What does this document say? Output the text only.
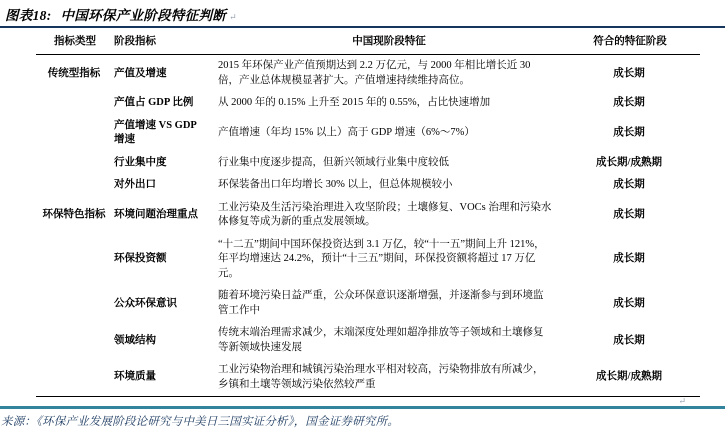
图表18: 中国环保产业阶段特征判断 ↵
指标类型	阶段指标	中国现阶段特征	符合的特征阶段
传统型指标	产值及增速	2015 年环保产业产值预期达到 2.2 万亿元，与 2000 年相比增长近 30 倍，产业总体规模显著扩大。产值增速持续维持高位。	成长期
	产值占 GDP 比例	从 2000 年的 0.15% 上升至 2015 年的 0.55%，占比快速增加	成长期
	产值增速 VS GDP 增速	产值增速（年均 15% 以上）高于 GDP 增速（6%～7%）	成长期
	行业集中度	行业集中度逐步提高，但新兴领域行业集中度较低	成长期/成熟期
	对外出口	环保装备出口年均增长 30% 以上，但总体规模较小	成长期
环保特色指标	环境问题治理重点	工业污染及生活污染治理进入攻坚阶段；土壤修复、VOCs 治理和污染水体修复等成为新的重点发展领域。	成长期
	环保投资额	“十二五”期间中国环保投资达到 3.1 万亿，较“十一五”期间上升 121%，年平均增速达 24.2%，预计“十三五”期间，环保投资额将超过 17 万亿元。	成长期
	公众环保意识	随着环境污染日益严重，公众环保意识逐渐增强，并逐渐参与到环境监管工作中	成长期
	领域结构	传统末端治理需求减少，末端深度处理如超净排放等子领域和土壤修复等新领域快速发展	成长期
	环境质量	工业污染物治理和城镇污染治理水平相对较高，污染物排放有所减少，乡镇和土壤等领域污染依然较严重	成长期/成熟期
↵
来源：《环保产业发展阶段论研究与中美日三国实证分析》，国金证券研究所。
